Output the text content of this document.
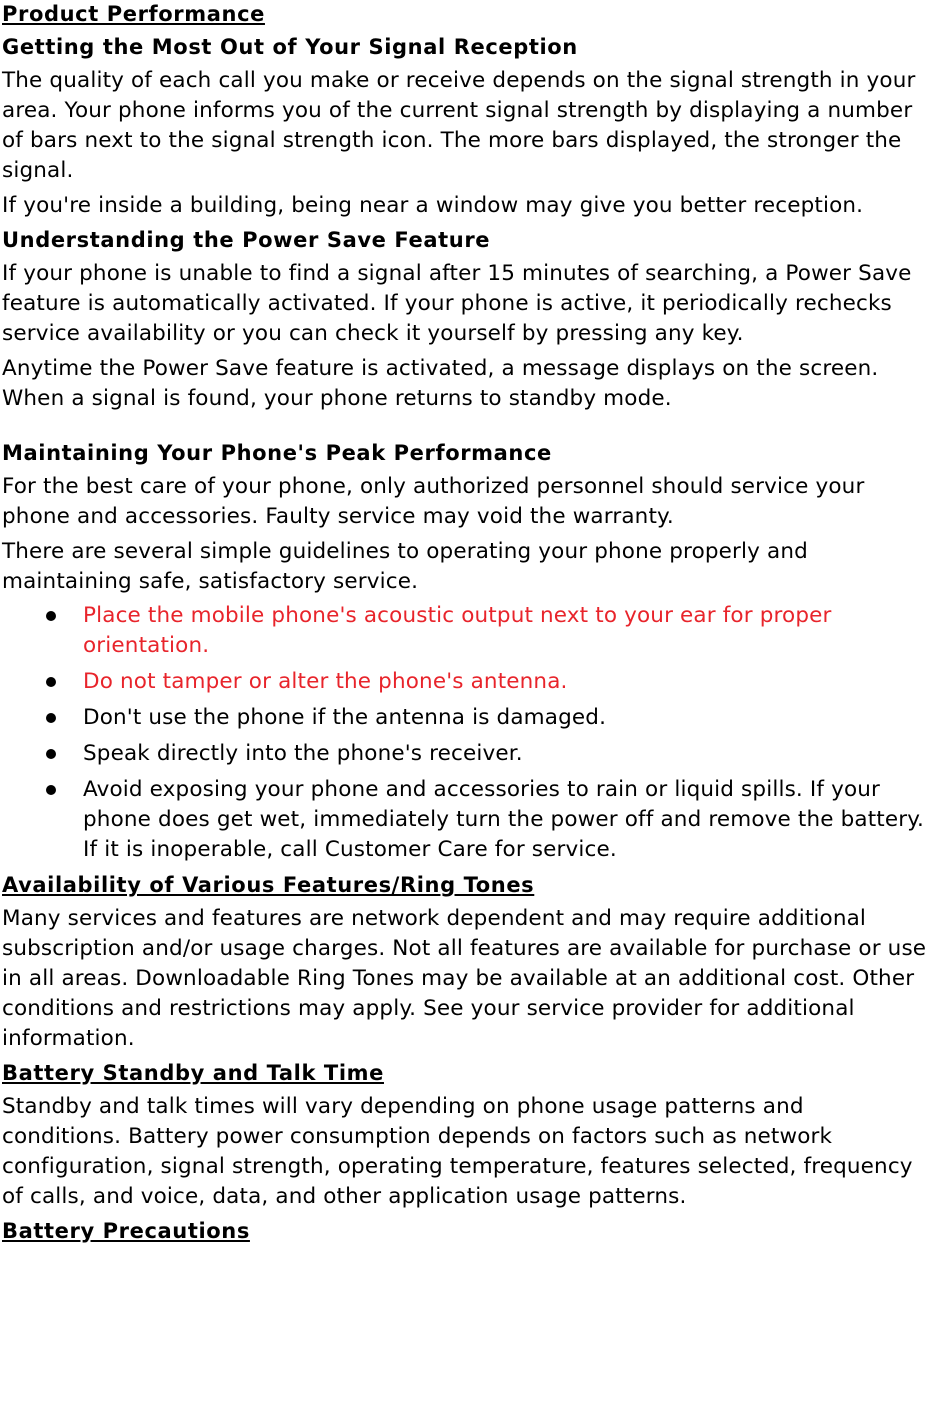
Product Performance
Getting the Most Out of Your Signal Reception

The quality of each call you make or receive depends on the signal strength in your area. Your phone informs you of the current signal strength by displaying a number of bars next to the signal strength icon. The more bars displayed, the stronger the signal.

If you're inside a building, being near a window may give you better reception.

Understanding the Power Save Feature

If your phone is unable to find a signal after 15 minutes of searching, a Power Save feature is automatically activated. If your phone is active, it periodically rechecks service availability or you can check it yourself by pressing any key.

Anytime the Power Save feature is activated, a message displays on the screen. When a signal is found, your phone returns to standby mode.

Maintaining Your Phone's Peak Performance

For the best care of your phone, only authorized personnel should service your phone and accessories. Faulty service may void the warranty.

There are several simple guidelines to operating your phone properly and maintaining safe, satisfactory service.

Place the mobile phone's acoustic output next to your ear for proper orientation.
Do not tamper or alter the phone's antenna.
Don't use the phone if the antenna is damaged.
Speak directly into the phone's receiver.
Avoid exposing your phone and accessories to rain or liquid spills. If your phone does get wet, immediately turn the power off and remove the battery. If it is inoperable, call Customer Care for service.
Availability of Various Features/Ring Tones

Many services and features are network dependent and may require additional subscription and/or usage charges. Not all features are available for purchase or use in all areas. Downloadable Ring Tones may be available at an additional cost. Other conditions and restrictions may apply. See your service provider for additional information.

Battery Standby and Talk Time

Standby and talk times will vary depending on phone usage patterns and conditions. Battery power consumption depends on factors such as network configuration, signal strength, operating temperature, features selected, frequency of calls, and voice, data, and other application usage patterns.

Battery Precautions
